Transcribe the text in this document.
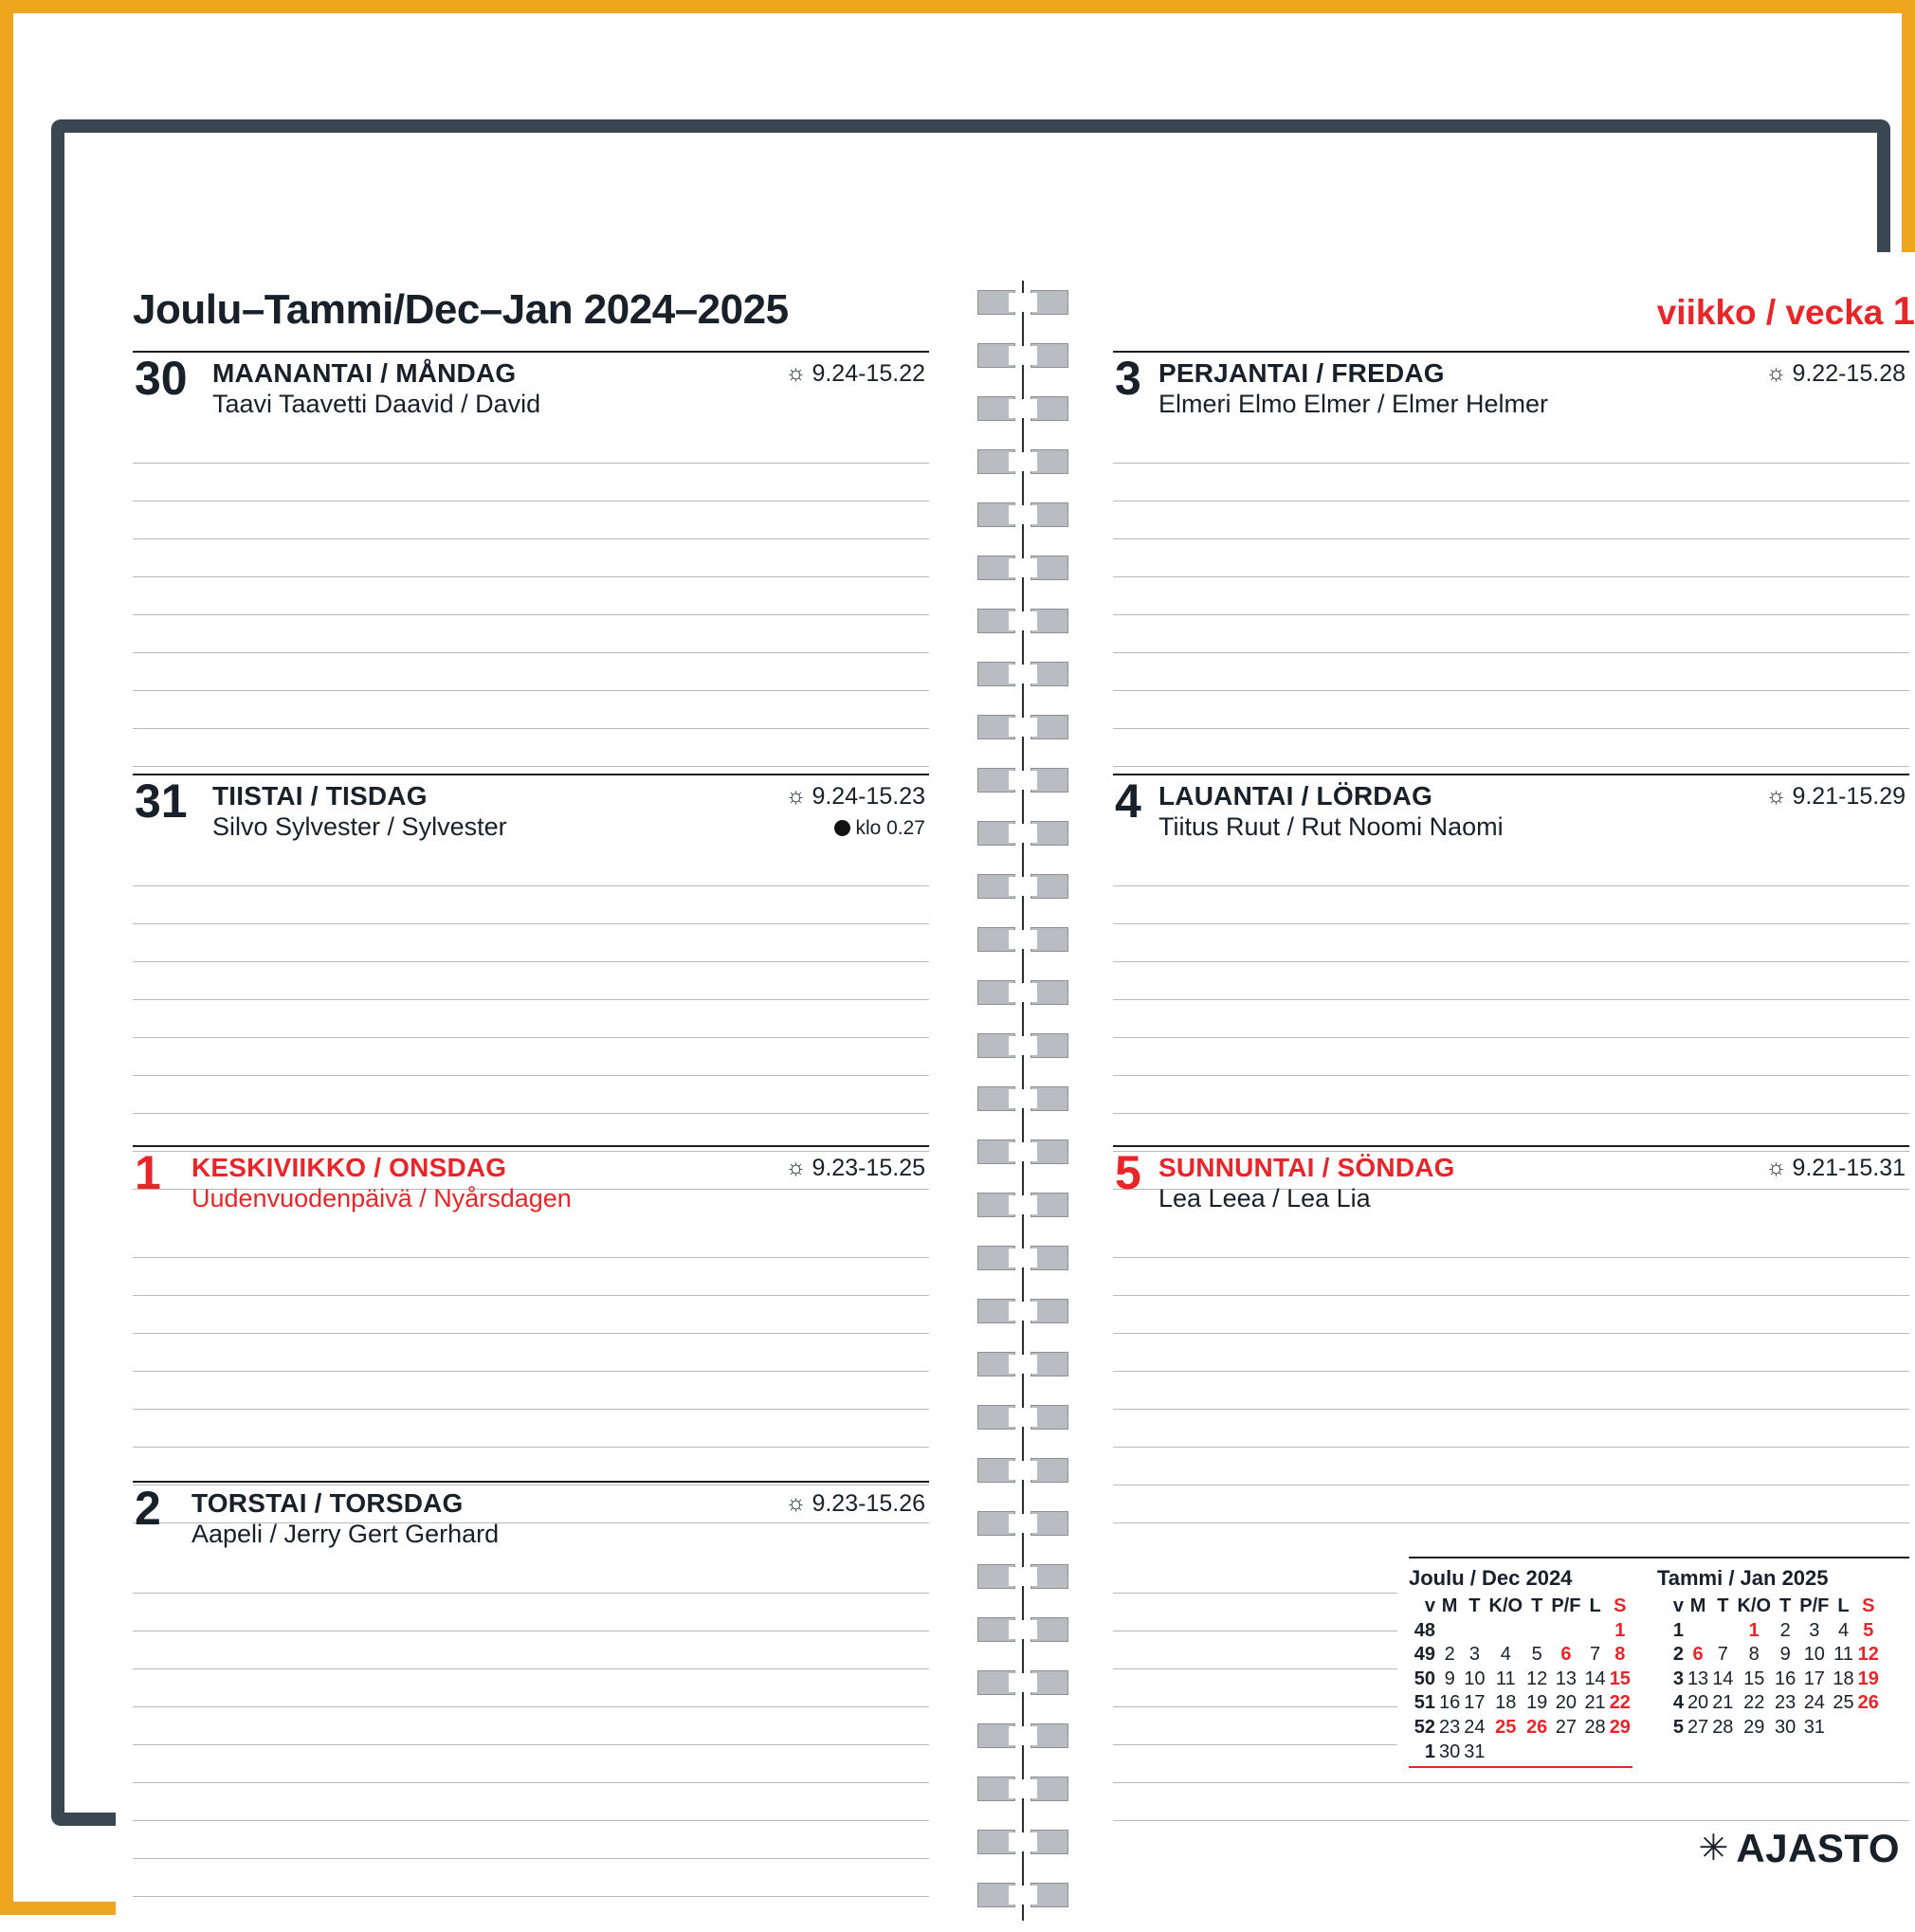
Joulu–Tammi/Dec–Jan 2024–2025	viikko / vecka 1
30 MAANANTAI / MÅNDAG
Taavi Taavetti Daavid / David
☼ 9.24-15.22
31 TIISTAI / TISDAG
Silvo Sylvester / Sylvester
☼ 9.24-15.23
klo 0.27
1 KESKIVIIKKO / ONSDAG
Uudenvuodenpäivä / Nyårsdagen
☼ 9.23-15.25
2 TORSTAI / TORSDAG
Aapeli / Jerry Gert Gerhard
☼ 9.23-15.26
3 PERJANTAI / FREDAG
Elmeri Elmo Elmer / Elmer Helmer
☼ 9.22-15.28
4 LAUANTAI / LÖRDAG
Tiitus Ruut / Rut Noomi Naomi
☼ 9.21-15.29
5 SUNNUNTAI / SÖNDAG
Lea Leea / Lea Lia
☼ 9.21-15.31
Joulu / Dec 2024
v	M	T	K/O	T	P/F	L	S
48							1
49	2	3	4	5	6	7	8
50	9	10	11	12	13	14	15
51	16	17	18	19	20	21	22
52	23	24	25	26	27	28	29
1	30	31					
Tammi / Jan 2025
v	M	T	K/O	T	P/F	L	S
1			1	2	3	4	5
2	6	7	8	9	10	11	12
3	13	14	15	16	17	18	19
4	20	21	22	23	24	25	26
5	27	28	29	30	31		
✳ AJASTO
